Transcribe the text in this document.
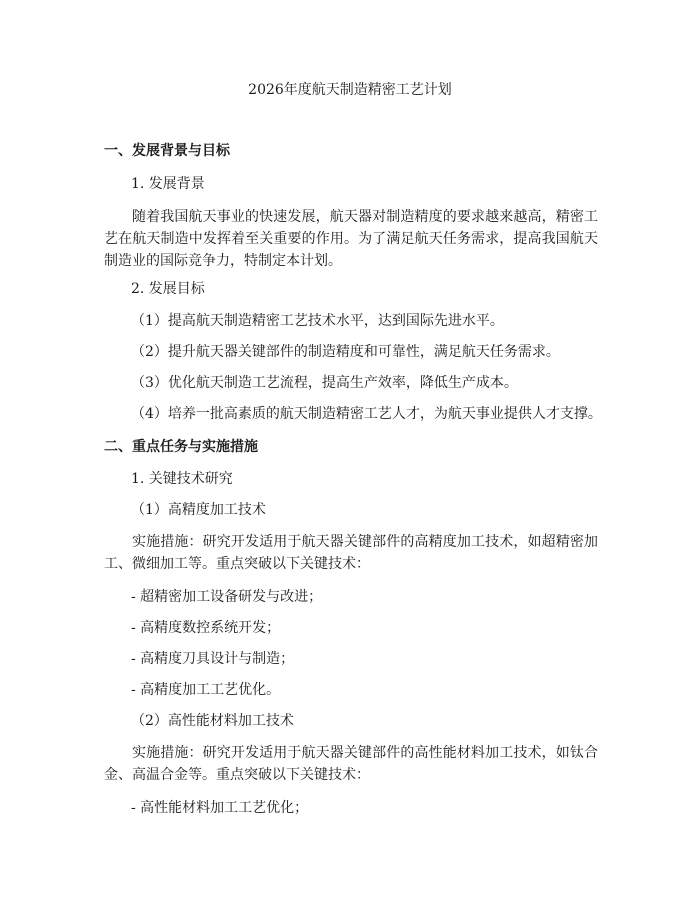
2026年度航天制造精密工艺计划
一、发展背景与目标
1. 发展背景

随着我国航天事业的快速发展，航天器对制造精度的要求越来越高，精密工艺在航天制造中发挥着至关重要的作用。为了满足航天任务需求，提高我国航天制造业的国际竞争力，特制定本计划。

2. 发展目标
（1）提高航天制造精密工艺技术水平，达到国际先进水平。
（2）提升航天器关键部件的制造精度和可靠性，满足航天任务需求。
（3）优化航天制造工艺流程，提高生产效率，降低生产成本。
（4）培养一批高素质的航天制造精密工艺人才，为航天事业提供人才支撑。
二、重点任务与实施措施
1. 关键技术研究
（1）高精度加工技术

实施措施：研究开发适用于航天器关键部件的高精度加工技术，如超精密加工、微细加工等。重点突破以下关键技术：

- 超精密加工设备研发与改进；
- 高精度数控系统开发；
- 高精度刀具设计与制造；
- 高精度加工工艺优化。
（2）高性能材料加工技术

实施措施：研究开发适用于航天器关键部件的高性能材料加工技术，如钛合金、高温合金等。重点突破以下关键技术：

- 高性能材料加工工艺优化；
